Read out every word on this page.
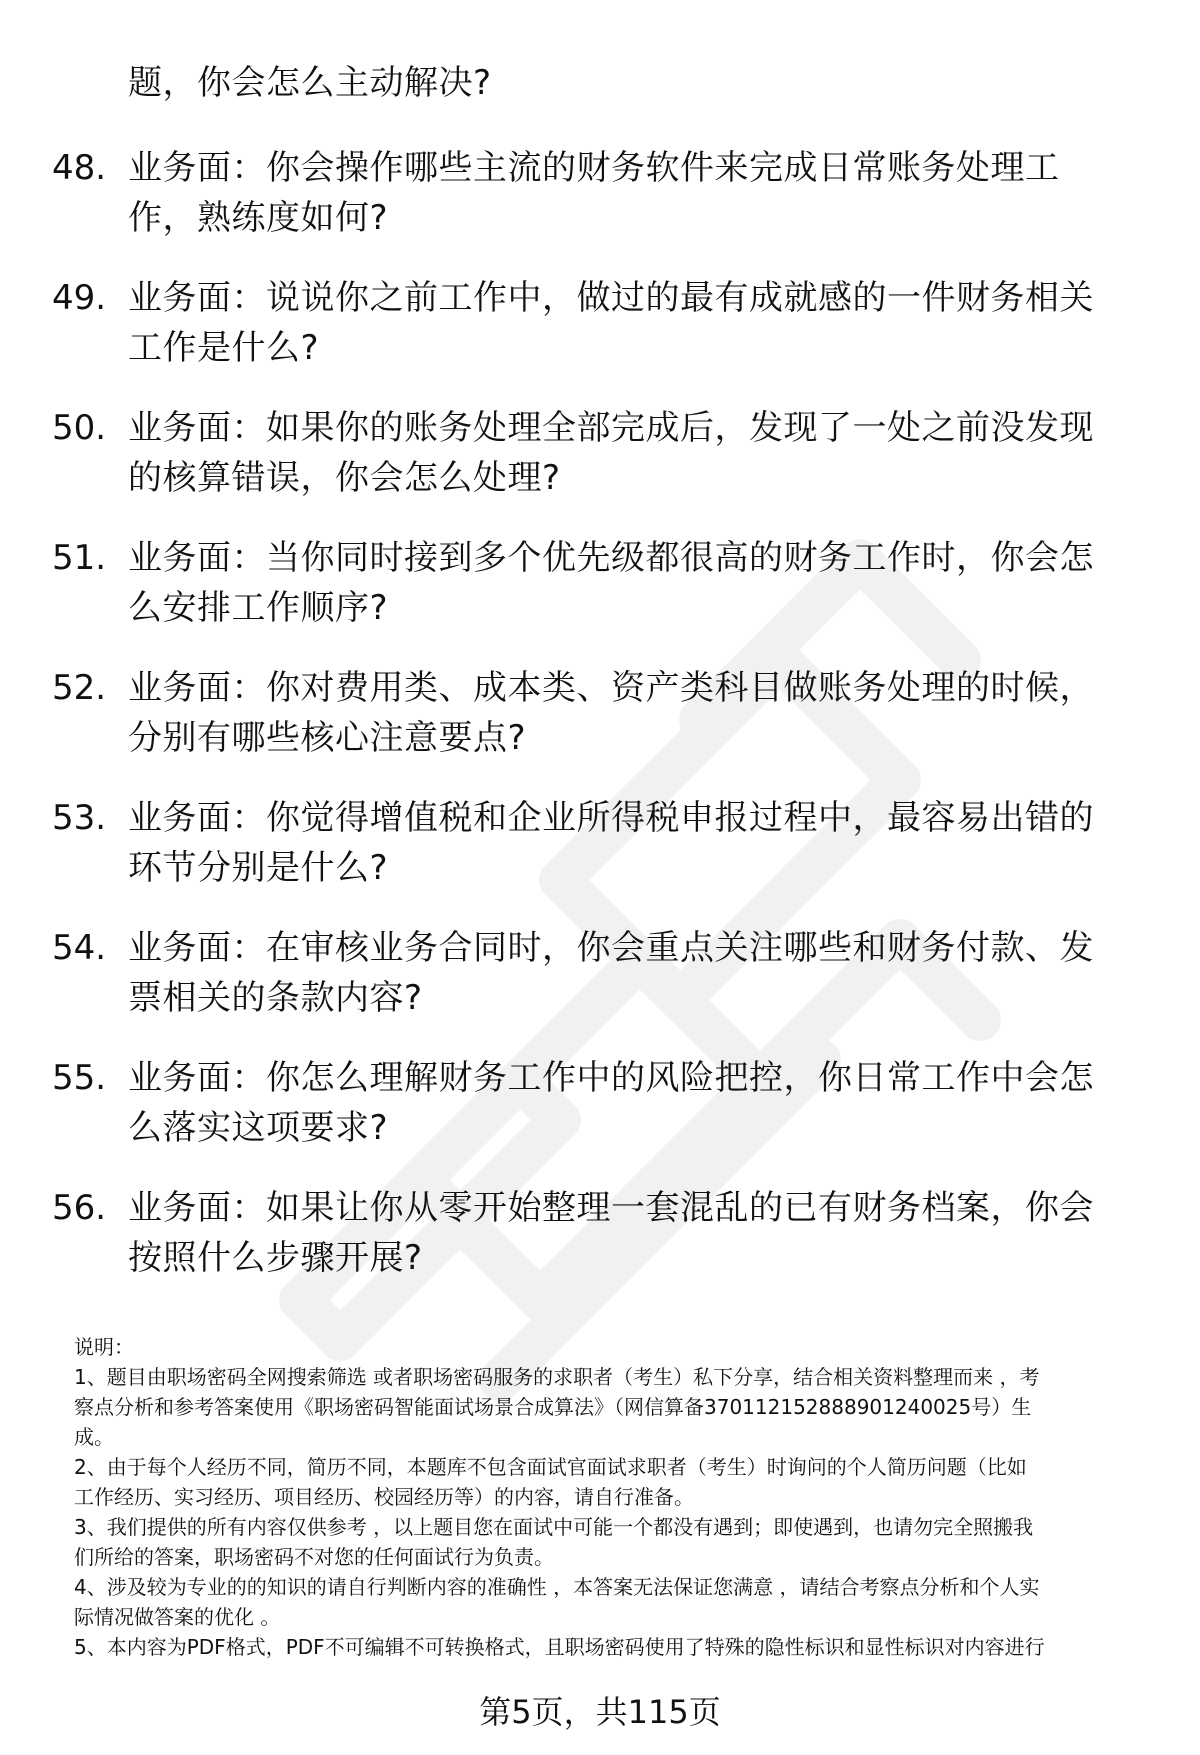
题，你会怎么主动解决?
48. 业务面：你会操作哪些主流的财务软件来完成日常账务处理工
作，熟练度如何?
49. 业务面：说说你之前工作中，做过的最有成就感的一件财务相关
工作是什么?
50. 业务面：如果你的账务处理全部完成后，发现了一处之前没发现
的核算错误，你会怎么处理?
51. 业务面：当你同时接到多个优先级都很高的财务工作时，你会怎
么安排工作顺序?
52. 业务面：你对费用类、成本类、资产类科目做账务处理的时候，
分别有哪些核心注意要点?
53. 业务面：你觉得增值税和企业所得税申报过程中，最容易出错的
环节分别是什么?
54. 业务面：在审核业务合同时，你会重点关注哪些和财务付款、发
票相关的条款内容?
55. 业务面：你怎么理解财务工作中的风险把控，你日常工作中会怎
么落实这项要求?
56. 业务面：如果让你从零开始整理一套混乱的已有财务档案，你会
按照什么步骤开展?
说明：
1、题目由职场密码全网搜索筛选 或者职场密码服务的求职者（考生）私下分享，结合相关资料整理而来 ，考
察点分析和参考答案使用《职场密码智能面试场景合成算法》（网信算备370112152888901240025号）生
成。
2、由于每个人经历不同，简历不同，本题库不包含面试官面试求职者（考生）时询问的个人简历问题（比如
工作经历、实习经历、项目经历、校园经历等）的内容，请自行准备。
3、我们提供的所有内容仅供参考 ，以上题目您在面试中可能一个都没有遇到；即使遇到，也请勿完全照搬我
们所给的答案，职场密码不对您的任何面试行为负责。
4、涉及较为专业的的知识的请自行判断内容的准确性 ，本答案无法保证您满意 ，请结合考察点分析和个人实
际情况做答案的优化 。
5、本内容为PDF格式，PDF不可编辑不可转换格式，且职场密码使用了特殊的隐性标识和显性标识对内容进行
第5页，共115页
